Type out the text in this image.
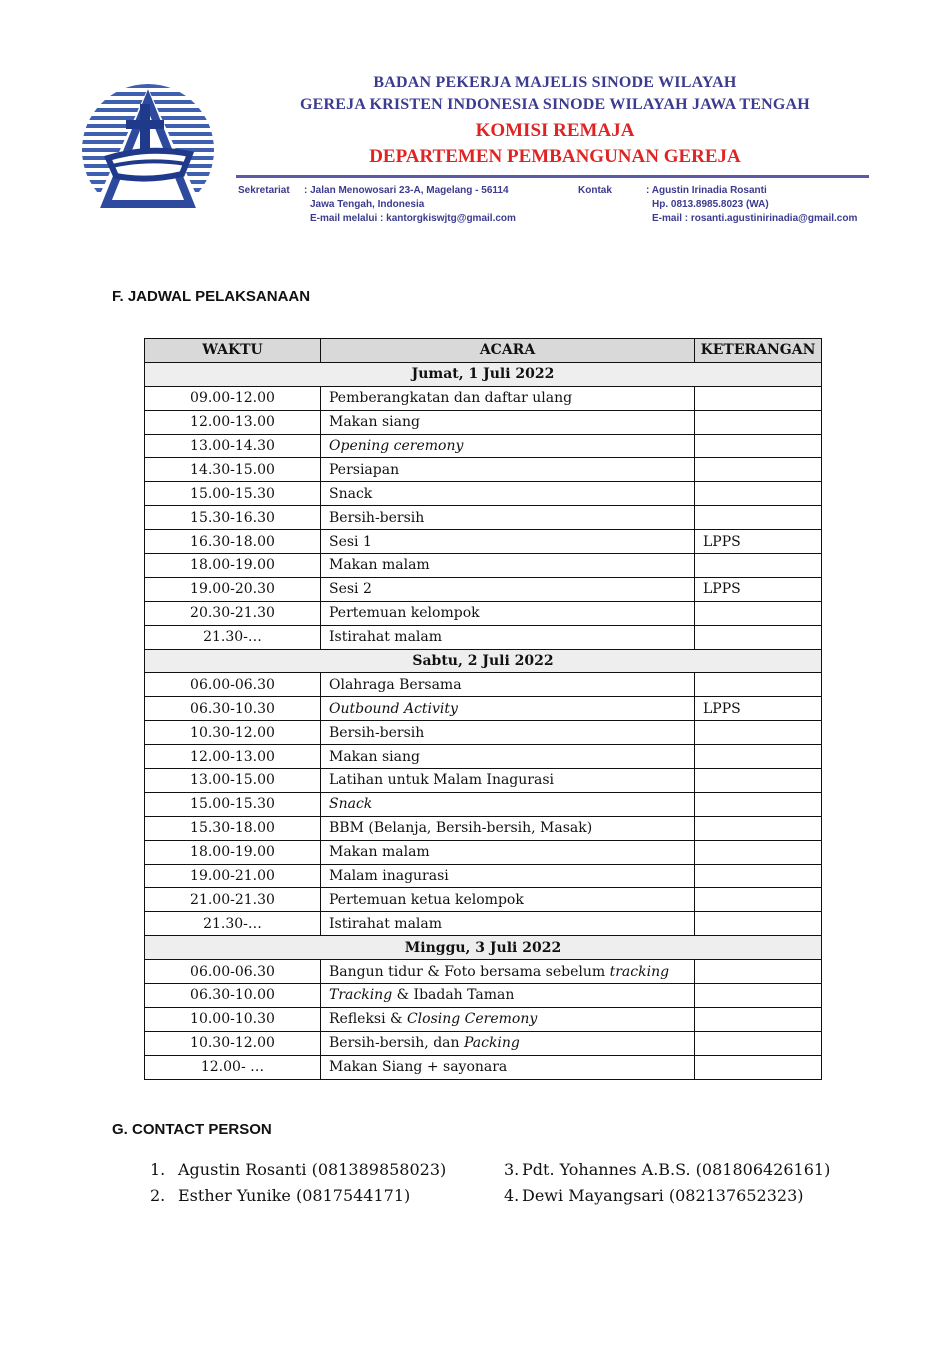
BADAN PEKERJA MAJELIS SINODE WILAYAH
GEREJA KRISTEN INDONESIA SINODE WILAYAH JAWA TENGAH
KOMISI REMAJA
DEPARTEMEN PEMBANGUNAN GEREJA
Sekretariat : Jalan Menowosari 23-A, Magelang - 56114
Jawa Tengah, Indonesia
E-mail melalui : kantorgkiswjtg@gmail.com
Kontak	: Agustin Irinadia Rosanti
Hp. 0813.8985.8023 (WA)
E-mail : rosanti.agustinirinadia@gmail.com
F. JADWAL PELAKSANAAN
WAKTU	ACARA	KETERANGAN
Jumat, 1 Juli 2022		
09.00-12.00	Pemberangkatan dan daftar ulang	
12.00-13.00	Makan siang	
13.00-14.30	Opening ceremony	
14.30-15.00	Persiapan	
15.00-15.30	Snack	
15.30-16.30	Bersih-bersih	
16.30-18.00	Sesi 1	LPPS
18.00-19.00	Makan malam	
19.00-20.30	Sesi 2	LPPS
20.30-21.30	Pertemuan kelompok	
21.30-…	Istirahat malam	
Sabtu, 2 Juli 2022		
06.00-06.30	Olahraga Bersama	
06.30-10.30	Outbound Activity	LPPS
10.30-12.00	Bersih-bersih	
12.00-13.00	Makan siang	
13.00-15.00	Latihan untuk Malam Inagurasi	
15.00-15.30	Snack	
15.30-18.00	BBM (Belanja, Bersih-bersih, Masak)	
18.00-19.00	Makan malam	
19.00-21.00	Malam inagurasi	
21.00-21.30	Pertemuan ketua kelompok	
21.30-…	Istirahat malam	
Minggu, 3 Juli 2022		
06.00-06.30	Bangun tidur & Foto bersama sebelum tracking	
06.30-10.00	Tracking & Ibadah Taman	
10.00-10.30	Refleksi & Closing Ceremony	
10.30-12.00	Bersih-bersih, dan Packing	
12.00- …	Makan Siang + sayonara	
G. CONTACT PERSON
1. Agustin Rosanti (081389858023)
2. Esther Yunike (0817544171)
3. Pdt. Yohannes A.B.S. (081806426161)
4. Dewi Mayangsari (082137652323)
